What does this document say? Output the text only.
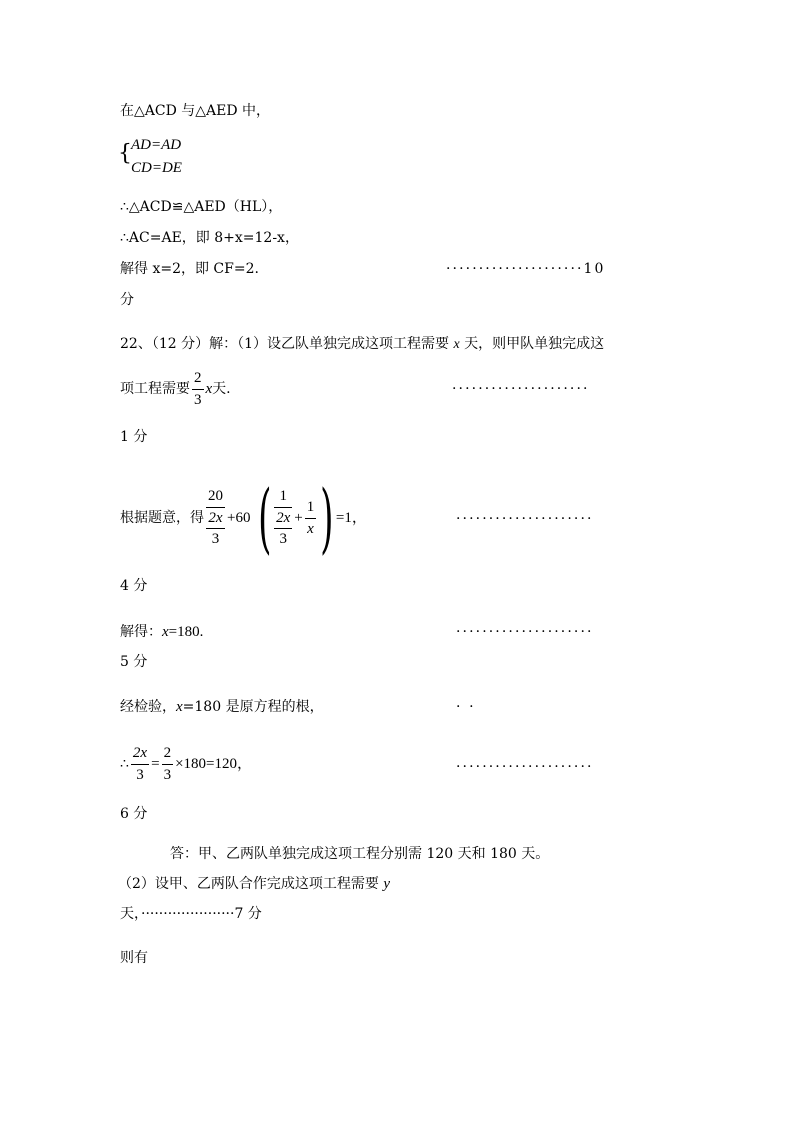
在△ACD 与△AED 中，
{ AD=AD
CD=DE
∴△ACD≌△AED（HL），
∴AC=AE，即 8+x=12-x，
解得 x=2，即 CF=2.	·····················10
分
22、（12 分）解：（1）设乙队单独完成这项工程需要 x 天，则甲队单独完成这
项工程需要 $\frac{2}{3}$ x 天.	·····················
1 分
根据题意，得 $\frac{20}{\frac{2x}{3}} +60$ ( $\frac{1}{\frac{2x}{3}} + \frac{1}{x}$ ) =1，	·····················
4 分
解得：x=180.	·····················
5 分
经检验，x=180 是原方程的根，	· ·
∴ $\frac{2x}{3} = \frac{2}{3} \times 180=120$，	·····················
6 分
答：甲、乙两队单独完成这项工程分别需 120 天和 180 天。
（2）设甲、乙两队合作完成这项工程需要 y
天，·····················7 分
则有
